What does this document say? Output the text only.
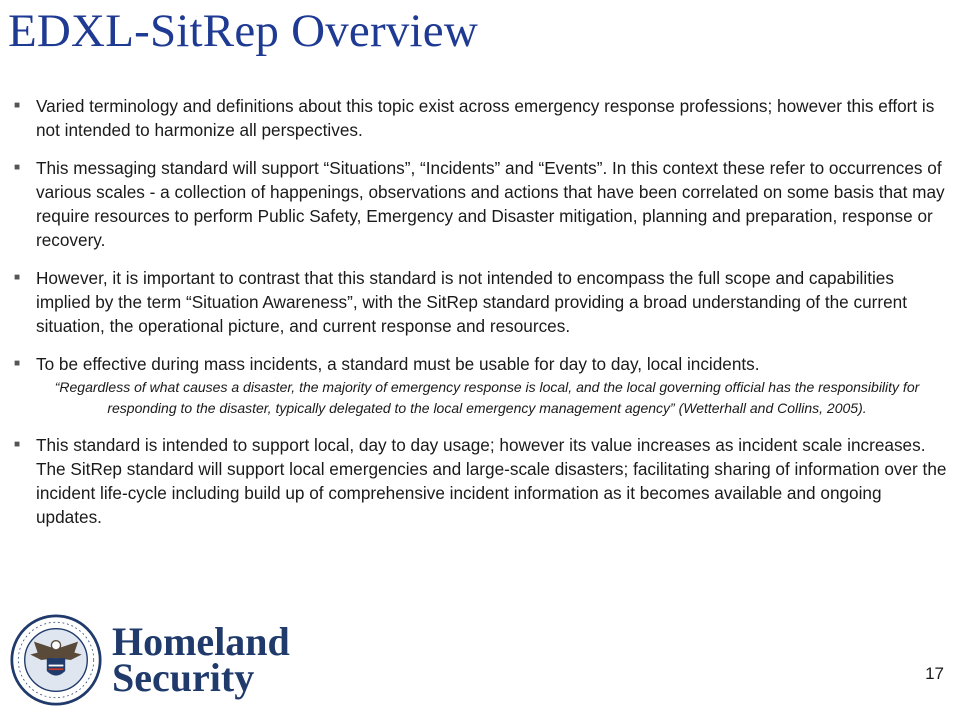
EDXL-SitRep Overview
■ Varied terminology and definitions about this topic exist across emergency response professions; however this effort is not intended to harmonize all perspectives.
■ This messaging standard will support “Situations”, “Incidents” and “Events”. In this context these refer to occurrences of various scales - a collection of happenings, observations and actions that have been correlated on some basis that may require resources to perform Public Safety, Emergency and Disaster mitigation, planning and preparation, response or recovery.
■ However, it is important to contrast that this standard is not intended to encompass the full scope and capabilities implied by the term “Situation Awareness”, with the SitRep standard providing a broad understanding of the current situation, the operational picture, and current response and resources.
■ To be effective during mass incidents, a standard must be usable for day to day, local incidents.
“Regardless of what causes a disaster, the majority of emergency response is local, and the local governing official has the responsibility for responding to the disaster, typically delegated to the local emergency management agency” (Wetterhall and Collins, 2005).
■ This standard is intended to support local, day to day usage; however its value increases as incident scale increases. The SitRep standard will support local emergencies and large-scale disasters; facilitating sharing of information over the incident life-cycle including build up of comprehensive incident information as it becomes available and ongoing updates.
Homeland
Security	17
